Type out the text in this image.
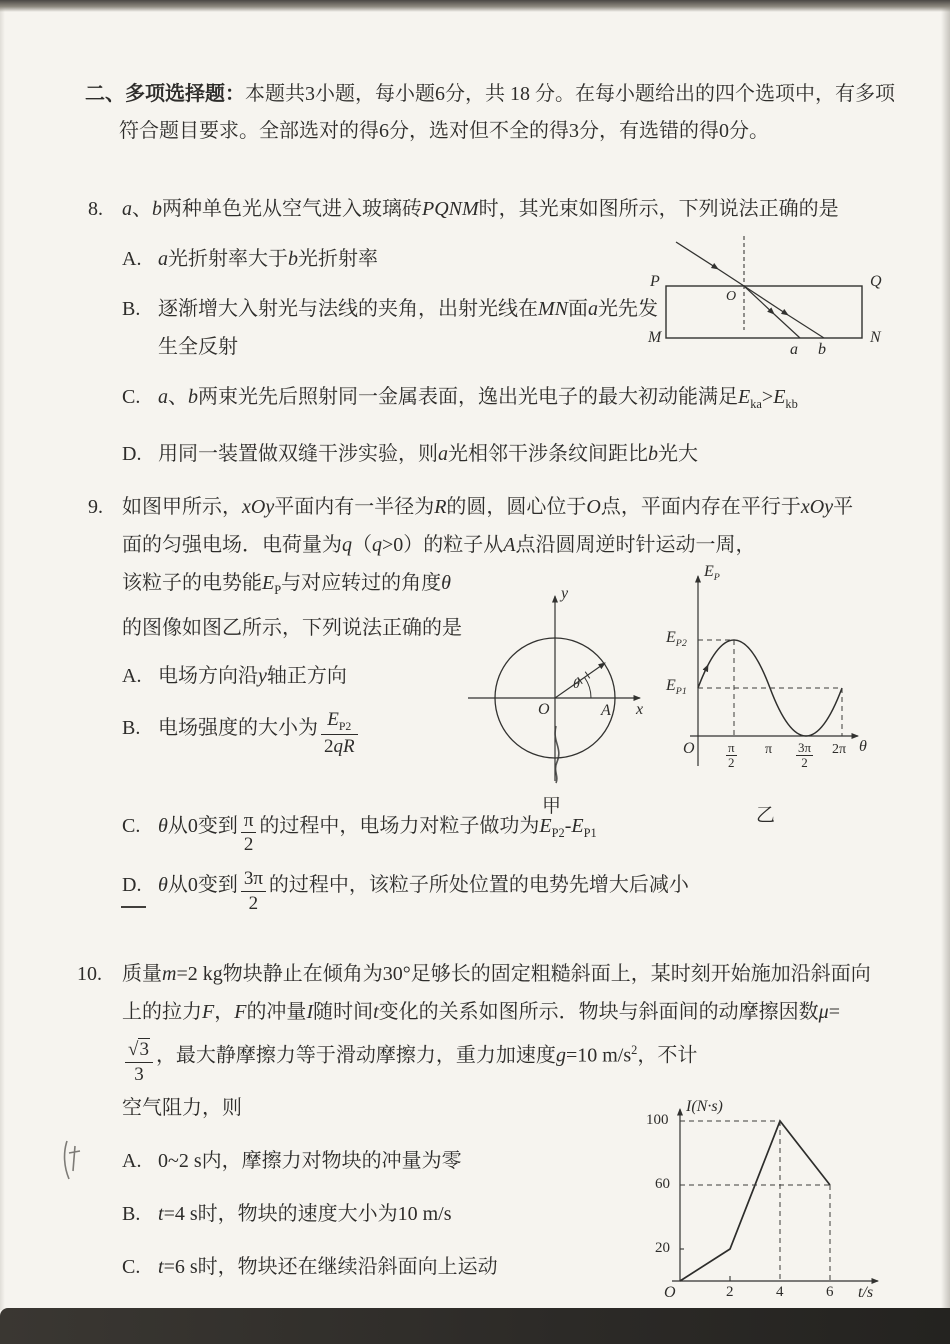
二、多项选择题：本题共3小题，每小题6分，共 18 分。在每小题给出的四个选项中，有多项符合题目要求。全部选对的得6分，选对但不全的得3分，有选错的得0分。

8. a、b两种单色光从空气进入玻璃砖PQNM时，其光束如图所示，下列说法正确的是

A. a光折射率大于b光折射率
B. 逐渐增大入射光与法线的夹角，出射光线在MN面a光先发生全反射
C. a、b两束光先后照射同一金属表面，逸出光电子的最大初动能满足$E_{ka}>E_{kb}$
D. 用同一装置做双缝干涉实验，则a光相邻干涉条纹间距比b光大
P	Q
M	N
O
a b
9. 如图甲所示，xOy平面内有一半径为R的圆，圆心位于O点，平面内存在平行于xOy平面的匀强电场．电荷量为q（q>0）的粒子从A点沿圆周逆时针运动一周，

该粒子的电势能$E_P$与对应转过的角度θ的图像如图乙所示，下列说法正确的是

A. 电场方向沿y轴正方向
B. 电场强度的大小为 $\frac{E_{P2}}{2qR}$
C. θ从0变到 $\frac{\pi}{2}$ 的过程中，电场力对粒子做功为$E_{P2}-E_{P1}$
D. θ从0变到 $\frac{3\pi}{2}$ 的过程中，该粒子所处位置的电势先增大后减小
y
x
O	A
θ
甲
$E_P$
$E_{P2}$
$E_{P1}$
O $\frac{\pi}{2}$ π $\frac{3\pi}{2} 2\pi$ θ
乙
10. 质量m=2 kg物块静止在倾角为30°足够长的固定粗糙斜面上，某时刻开始施加沿斜面向上的拉力F，F的冲量I随时间t变化的关系如图所示．物块与斜面间的动摩擦因数μ=
$\frac{√3}{3}$ ，最大静摩擦力等于滑动摩擦力，重力加速度g=10 $m/s^2$，不计

空气阻力，则

A. 0~2 s内，摩擦力对物块的冲量为零
B. t=4 s时，物块的速度大小为10 m/s
C. t=6 s时，物块还在继续沿斜面向上运动
I(N·s)
100
60
20
O	2	4	6 t/s
